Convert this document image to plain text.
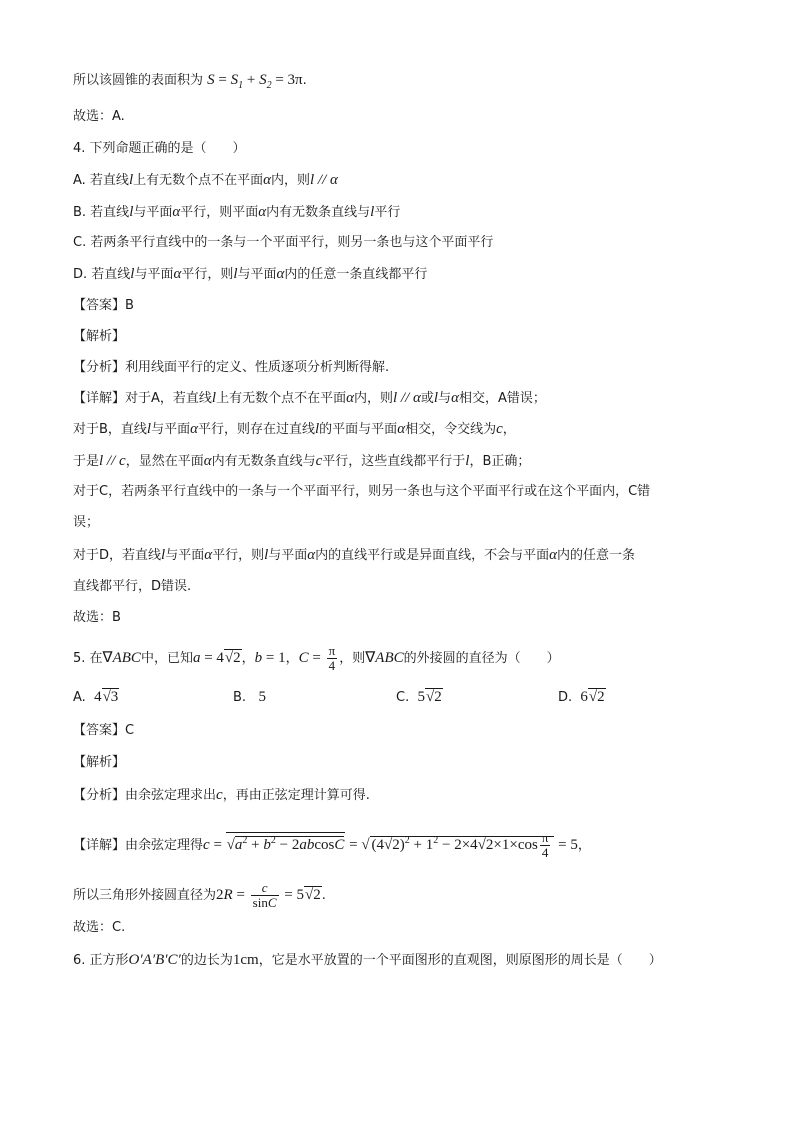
所以该圆锥的表面积为 $S = S_1 + S_2 = 3\pi$.
故选：A.
4. 下列命题正确的是（　　）
A. 若直线l上有无数个点不在平面α内，则l // α
B. 若直线l与平面α平行，则平面α内有无数条直线与l平行
C. 若两条平行直线中的一条与一个平面平行，则另一条也与这个平面平行
D. 若直线l与平面α平行，则l与平面α内的任意一条直线都平行
【答案】B
【解析】
【分析】利用线面平行的定义、性质逐项分析判断得解.
【详解】对于A，若直线l上有无数个点不在平面α内，则l // α或l与α相交，A错误；
对于B，直线l与平面α平行，则存在过直线l的平面与平面α相交，令交线为c，
于是l // c，显然在平面α内有无数条直线与c平行，这些直线都平行于l，B正确；
对于C，若两条平行直线中的一条与一个平面平行，则另一条也与这个平面平行或在这个平面内，C错
误；
对于D，若直线l与平面α平行，则l与平面α内的直线平行或是异面直线，不会与平面α内的任意一条
直线都平行，D错误.
故选：B
5. 在∇ABC中，已知a = 4√2，b = 1，$C = \frac{\pi}{4}$ ，则∇ABC的外接圆的直径为（　　）
A. 4√3	B. 5	C. 5√2	D. 6√2
【答案】C
【解析】
【分析】由余弦定理求出c，再由正弦定理计算可得.
【详解】由余弦定理得$c = √a^2 + b^2 - 2abcosC$ = √ $(4√2)^2 + 1^2 - 2\times 4√2\times 1\times\cos \frac{\pi}{4} = 5$，
所以三角形外接圆直径为$2R = \frac{c}{\sin C} = 5√2$.
故选：C.
6. 正方形O′A′B′C′的边长为1cm，它是水平放置的一个平面图形的直观图，则原图形的周长是（　　）
